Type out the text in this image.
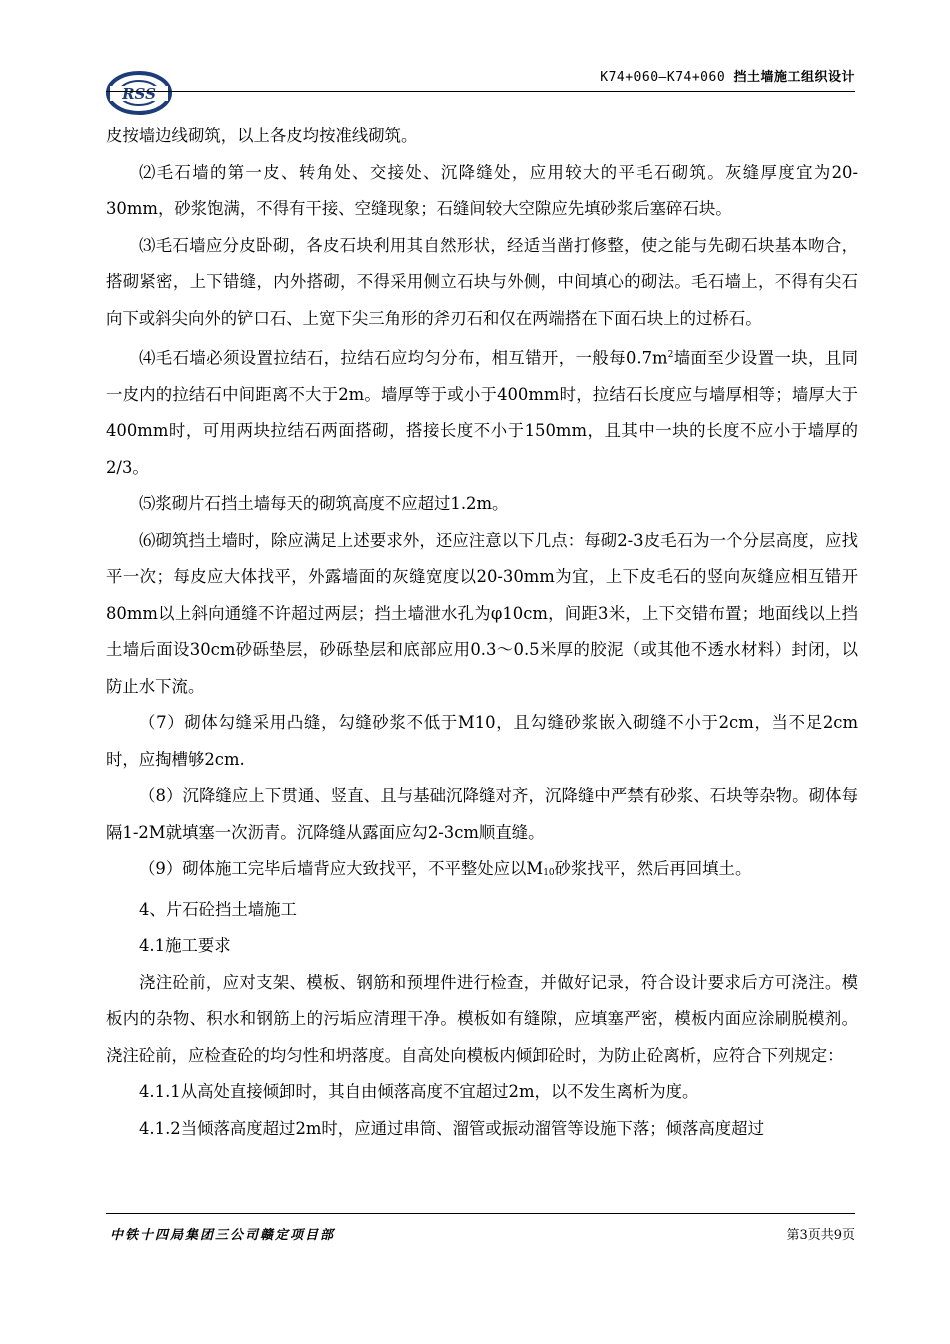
RSS
K74+060—K74+060 挡土墙施工组织设计

皮按墙边线砌筑，以上各皮均按准线砌筑。

⑵毛石墙的第一皮、转角处、交接处、沉降缝处，应用较大的平毛石砌筑。灰缝厚度宜为20-30mm，砂浆饱满，不得有干接、空缝现象；石缝间较大空隙应先填砂浆后塞碎石块。

⑶毛石墙应分皮卧砌，各皮石块利用其自然形状，经适当凿打修整，使之能与先砌石块基本吻合，搭砌紧密，上下错缝，内外搭砌，不得采用侧立石块与外侧，中间填心的砌法。毛石墙上，不得有尖石向下或斜尖向外的铲口石、上宽下尖三角形的斧刃石和仅在两端搭在下面石块上的过桥石。

⑷毛石墙必须设置拉结石，拉结石应均匀分布，相互错开，一般每$0.7m^2$墙面至少设置一块，且同一皮内的拉结石中间距离不大于2m。墙厚等于或小于400mm时，拉结石长度应与墙厚相等；墙厚大于400mm时，可用两块拉结石两面搭砌，搭接长度不小于150mm，且其中一块的长度不应小于墙厚的2/3。

⑸浆砌片石挡土墙每天的砌筑高度不应超过1.2m。

⑹砌筑挡土墙时，除应满足上述要求外，还应注意以下几点：每砌2-3皮毛石为一个分层高度，应找平一次；每皮应大体找平，外露墙面的灰缝宽度以20-30mm为宜，上下皮毛石的竖向灰缝应相互错开80mm以上斜向通缝不许超过两层；挡土墙泄水孔为φ10cm，间距3米，上下交错布置；地面线以上挡土墙后面设30cm砂砾垫层，砂砾垫层和底部应用0.3～0.5米厚的胶泥（或其他不透水材料）封闭，以防止水下流。

（7）砌体勾缝采用凸缝，勾缝砂浆不低于M10，且勾缝砂浆嵌入砌缝不小于2cm，当不足2cm时，应掏槽够2cm.

（8）沉降缝应上下贯通、竖直、且与基础沉降缝对齐，沉降缝中严禁有砂浆、石块等杂物。砌体每隔1-2M就填塞一次沥青。沉降缝从露面应勾2-3cm顺直缝。

（9）砌体施工完毕后墙背应大致找平，不平整处应以$M_{10}$砂浆找平，然后再回填土。

4、片石砼挡土墙施工

4.1施工要求

浇注砼前，应对支架、模板、钢筋和预埋件进行检查，并做好记录，符合设计要求后方可浇注。模板内的杂物、积水和钢筋上的污垢应清理干净。模板如有缝隙，应填塞严密，模板内面应涂刷脱模剂。浇注砼前，应检查砼的均匀性和坍落度。自高处向模板内倾卸砼时，为防止砼离析，应符合下列规定：

4.1.1从高处直接倾卸时，其自由倾落高度不宜超过2m，以不发生离析为度。

4.1.2当倾落高度超过2m时，应通过串筒、溜管或振动溜管等设施下落；倾落高度超过

中铁十四局集团三公司赣定项目部	第3页共9页
